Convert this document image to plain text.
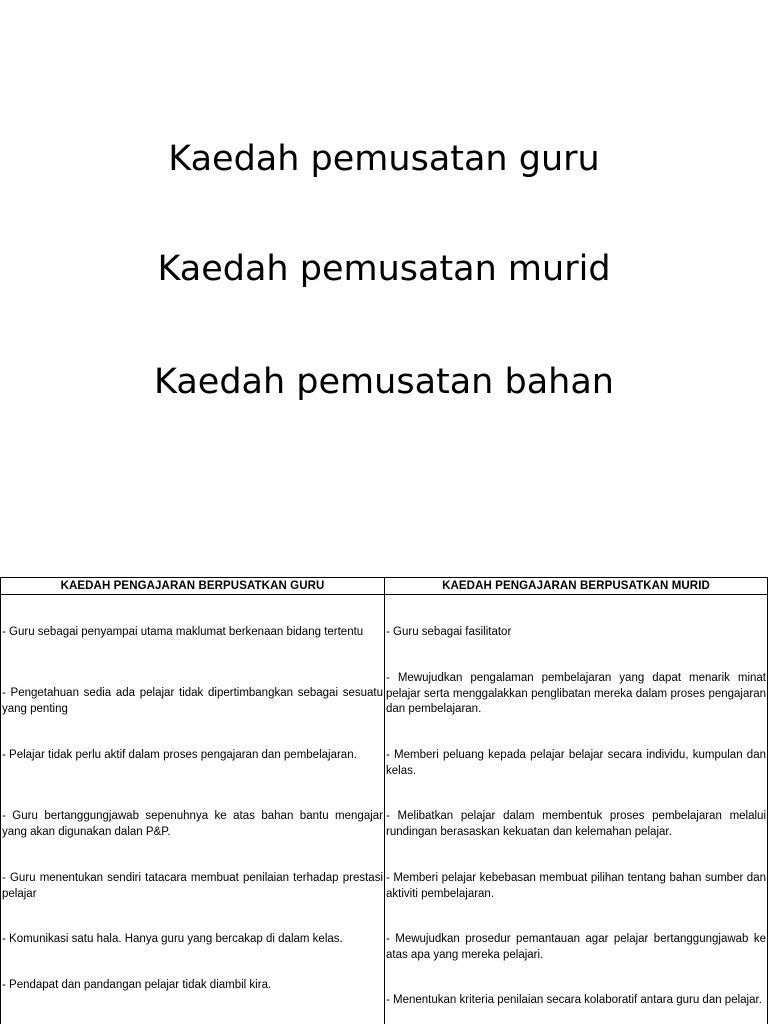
Kaedah pemusatan guru
Kaedah pemusatan murid
Kaedah pemusatan bahan
KAEDAH PENGAJARAN BERPUSATKAN GURU
- Guru sebagai penyampai utama maklumat berkenaan bidang tertentu
- Pengetahuan sedia ada pelajar tidak dipertimbangkan sebagai sesuatu yang penting
- Pelajar tidak perlu aktif dalam proses pengajaran dan pembelajaran.
- Guru bertanggungjawab sepenuhnya ke atas bahan bantu mengajar yang akan digunakan dalan P&P.
- Guru menentukan sendiri tatacara membuat penilaian terhadap prestasi pelajar
- Komunikasi satu hala. Hanya guru yang bercakap di dalam kelas.
- Pendapat dan pandangan pelajar tidak diambil kira.
KAEDAH PENGAJARAN BERPUSATKAN MURID
- Guru sebagai fasilitator
- Mewujudkan pengalaman pembelajaran yang dapat menarik minat pelajar serta menggalakkan penglibatan mereka dalam proses pengajaran dan pembelajaran.
- Memberi peluang kepada pelajar belajar secara individu, kumpulan dan kelas.
- Melibatkan pelajar dalam membentuk proses pembelajaran melalui rundingan berasaskan kekuatan dan kelemahan pelajar.
- Memberi pelajar kebebasan membuat pilihan tentang bahan sumber dan aktiviti pembelajaran.
- Mewujudkan prosedur pemantauan agar pelajar bertanggungjawab ke atas apa yang mereka pelajari.
- Menentukan kriteria penilaian secara kolaboratif antara guru dan pelajar.
